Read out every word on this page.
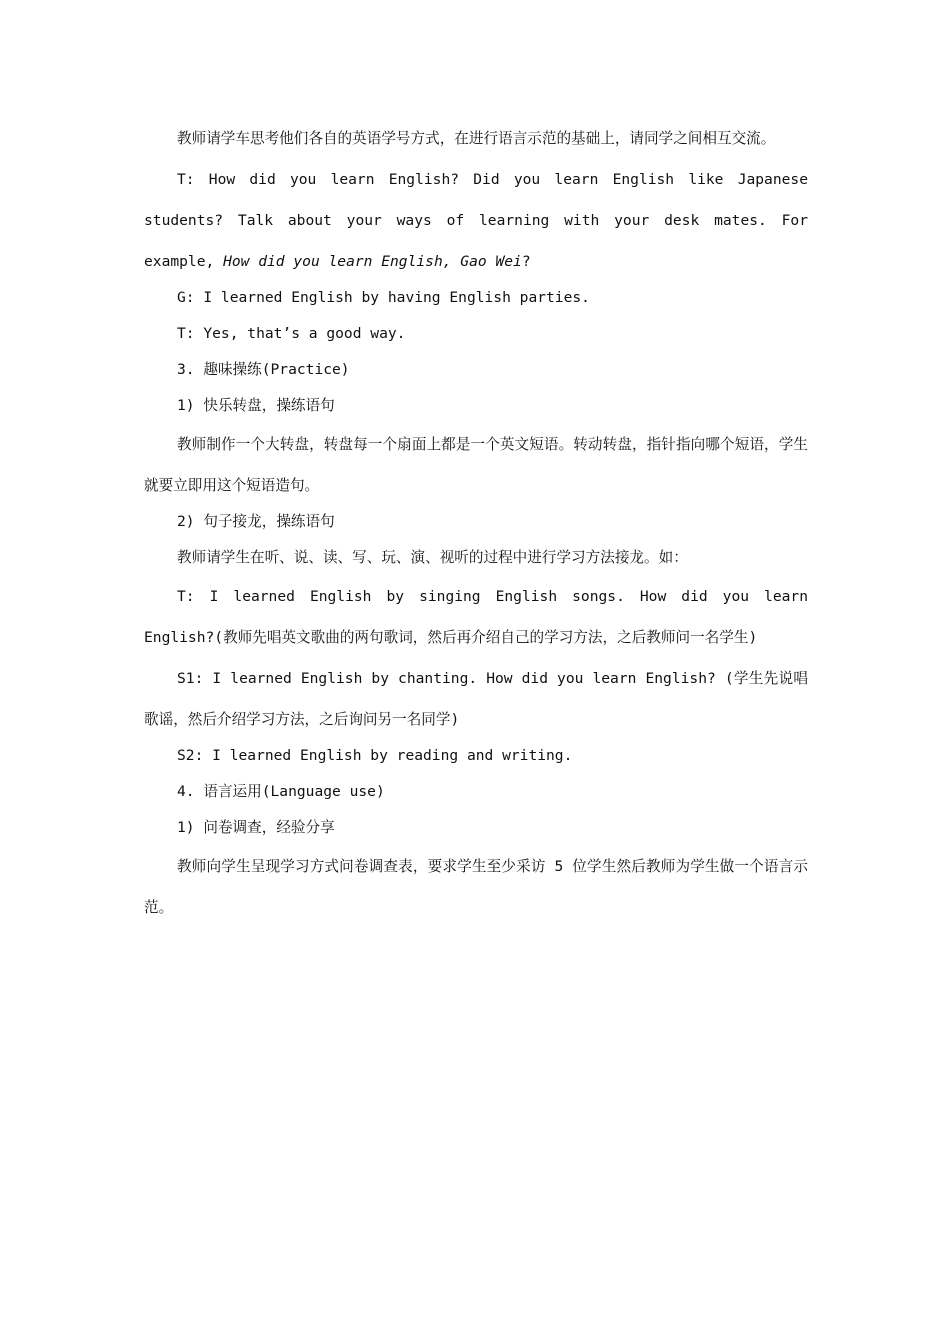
教师请学车思考他们各自的英语学号方式，在进行语言示范的基础上，请同学之间相互交流。

T: How did you learn English? Did you learn English like Japanese students? Talk about your ways of learning with your desk mates. For example, How did you learn English, Gao Wei?

G: I learned English by having English parties.

T: Yes, that’s a good way.

3. 趣味操练(Practice)

1) 快乐转盘，操练语句

教师制作一个大转盘，转盘每一个扇面上都是一个英文短语。转动转盘，指针指向哪个短语，学生就要立即用这个短语造句。

2) 句子接龙，操练语句

教师请学生在听、说、读、写、玩、演、视听的过程中进行学习方法接龙。如：

T: I learned English by singing English songs. How did you learn English?(教师先唱英文歌曲的两句歌词，然后再介绍自己的学习方法，之后教师问一名学生)

S1: I learned English by chanting. How did you learn English? (学生先说唱歌谣，然后介绍学习方法，之后询问另一名同学)

S2: I learned English by reading and writing.

4. 语言运用(Language use)

1) 问卷调查，经验分享

教师向学生呈现学习方式问卷调查表，要求学生至少采访 5 位学生然后教师为学生做一个语言示范。
